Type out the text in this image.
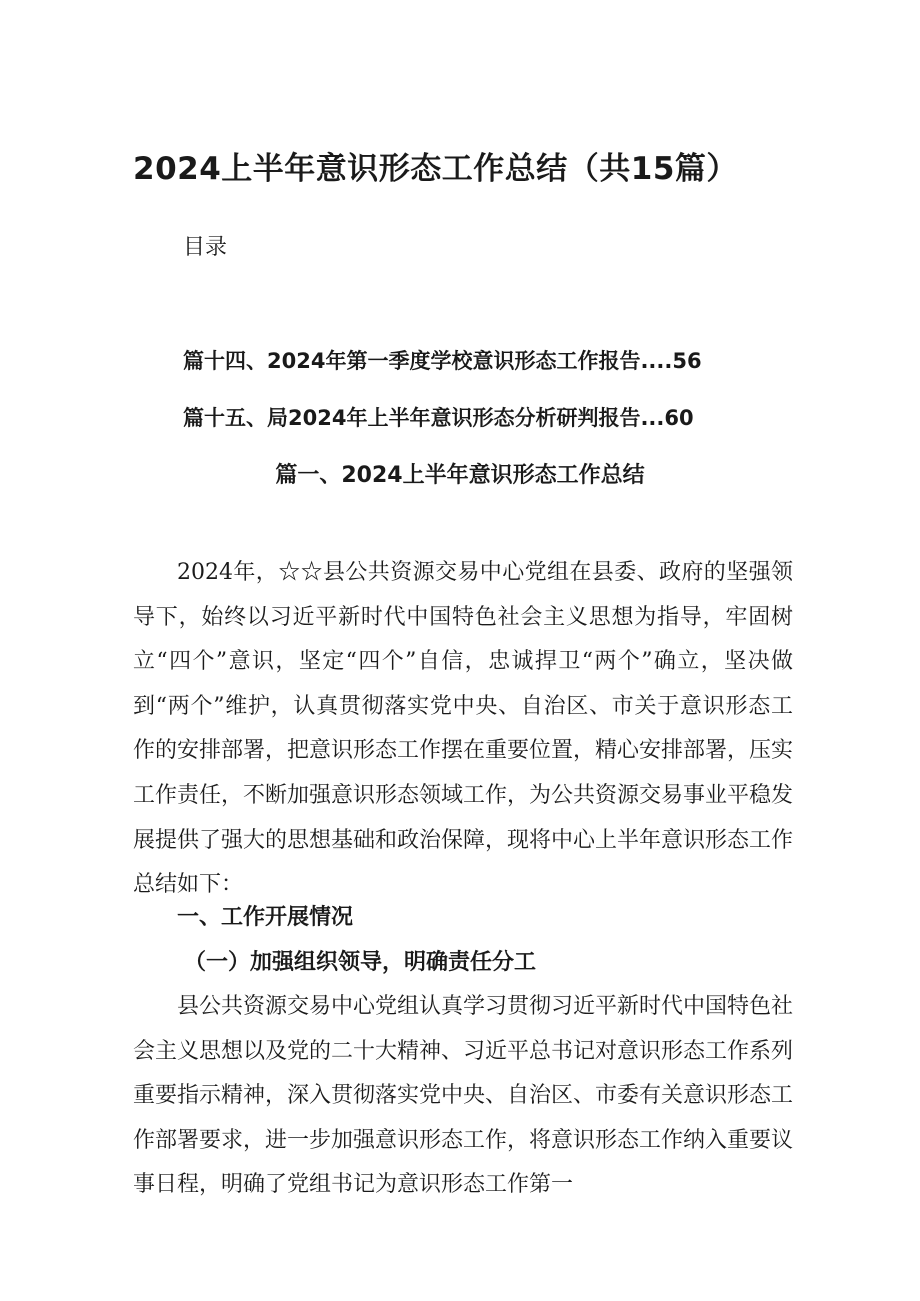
2024上半年意识形态工作总结（共15篇）
目录
篇十四、2024年第一季度学校意识形态工作报告....56
篇十五、局2024年上半年意识形态分析研判报告...60
篇一、2024上半年意识形态工作总结

2024年，☆☆县公共资源交易中心党组在县委、政府的坚强领导下，始终以习近平新时代中国特色社会主义思想为指导，牢固树立“四个”意识，坚定“四个”自信，忠诚捍卫“两个”确立，坚决做到“两个”维护，认真贯彻落实党中央、自治区、市关于意识形态工作的安排部署，把意识形态工作摆在重要位置，精心安排部署，压实工作责任，不断加强意识形态领域工作，为公共资源交易事业平稳发展提供了强大的思想基础和政治保障，现将中心上半年意识形态工作总结如下：

一、工作开展情况
（一）加强组织领导，明确责任分工

县公共资源交易中心党组认真学习贯彻习近平新时代中国特色社会主义思想以及党的二十大精神、习近平总书记对意识形态工作系列重要指示精神，深入贯彻落实党中央、自治区、市委有关意识形态工作部署要求，进一步加强意识形态工作，将意识形态工作纳入重要议事日程，明确了党组书记为意识形态工作第一
